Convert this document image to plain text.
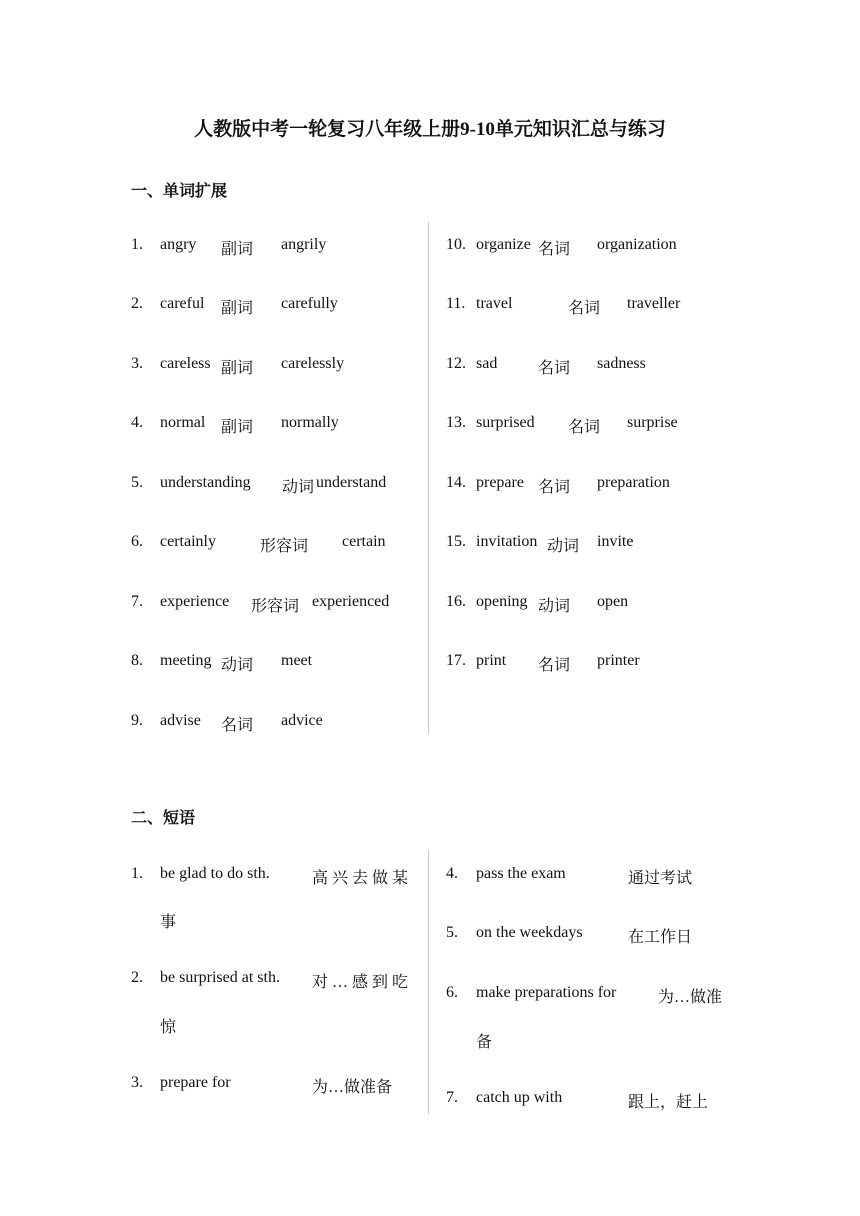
人教版中考一轮复习八年级上册9-10单元知识汇总与练习
一、单词扩展
1. angry 副词 angrily
2. careful 副词 carefully
3. careless 副词 carelessly
4. normal 副词 normally
5. understanding 动词 understand
6. certainly	形容词 certain
7. experience 形容词 experienced
8. meeting 动词 meet
9. advise 名词 advice
10. organize 名词 organization
11. travel	名词 traveller
12. sad	名词 sadness
13. surprised 名词 surprise
14. prepare 名词 preparation
15. invitation 动词 invite
16. opening 动词 open
17. print 名词 printer
二、短语
1. be glad to do sth.	高 兴 去 做 某
事
2. be surprised at sth. 对 … 感 到 吃
惊
3. prepare for	为…做准备
4. pass the exam	通过考试
5. on the weekdays	在工作日
6. make preparations for	为…做准
备
7. catch up with	跟上，赶上
